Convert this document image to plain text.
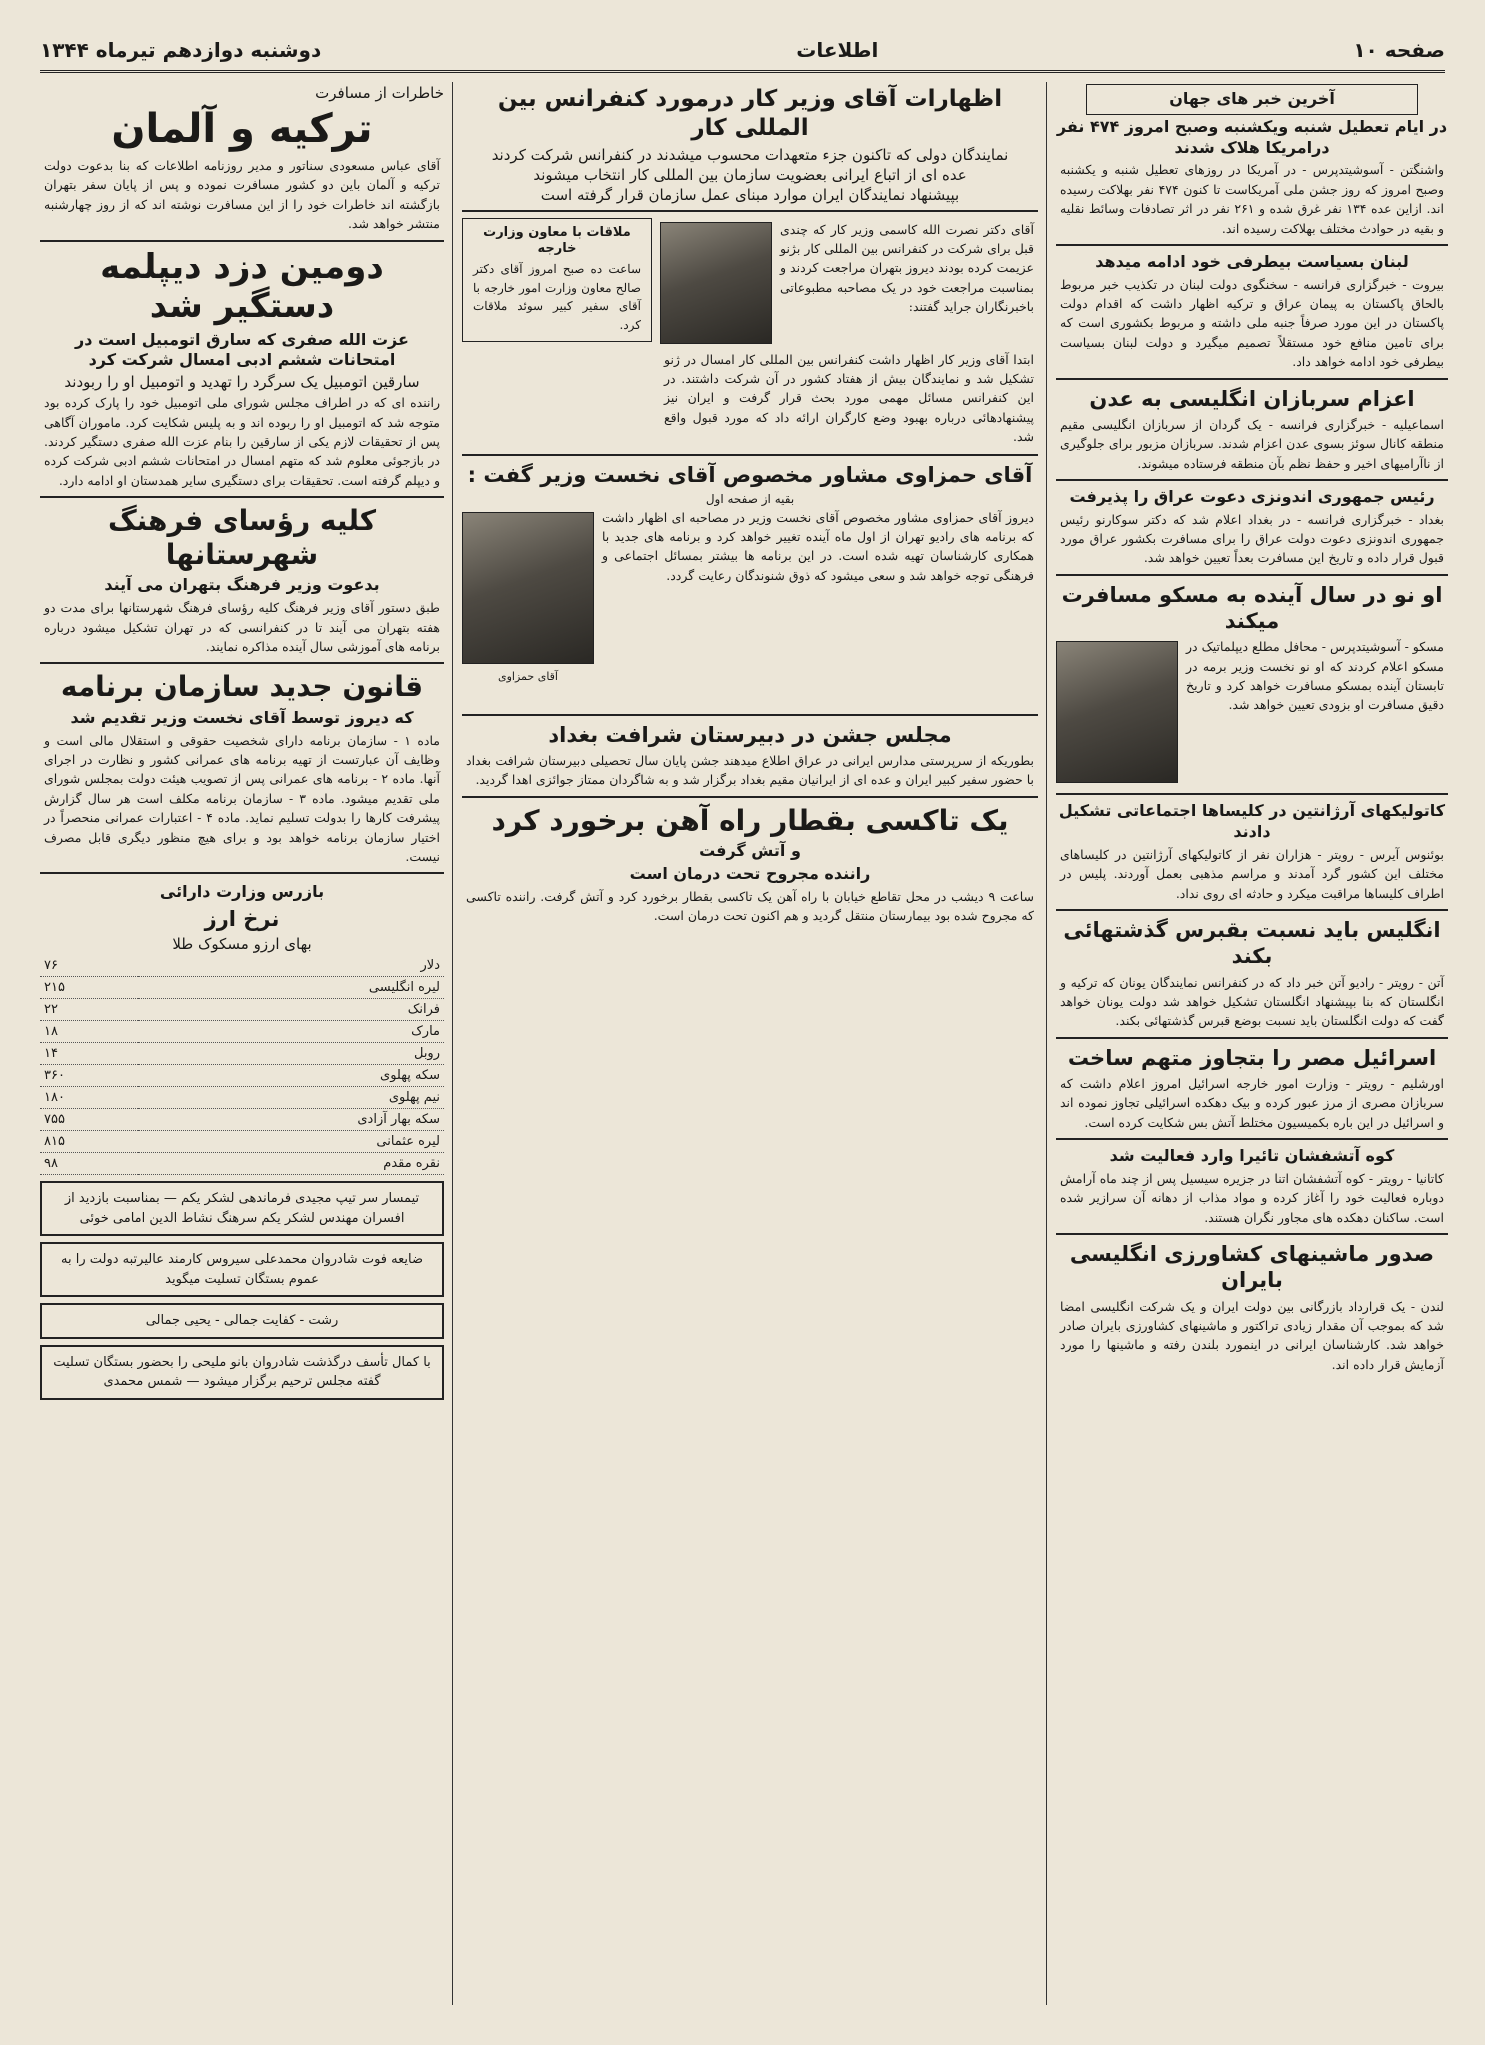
صفحه ۱۰
اطلاعات
دوشنبه دوازدهم تیرماه ۱۳۴۴
آخرین خبر های جهان
در ایام تعطیل شنبه ویکشنبه وصبح امروز ۴۷۴ نفر درامریکا هلاک شدند
واشنگتن - آسوشیتدپرس - در آمریکا در روزهای تعطیل شنبه و یکشنبه وصبح امروز که روز جشن ملی آمریکاست تا کنون ۴۷۴ نفر بهلاکت رسیده اند. ازاین عده ۱۳۴ نفر غرق شده و ۲۶۱ نفر در اثر تصادفات وسائط نقلیه و بقیه در حوادث مختلف بهلاکت رسیده اند.
لبنان بسیاست بیطرفی خود ادامه میدهد
بیروت - خبرگزاری فرانسه - سخنگوی دولت لبنان در تکذیب خبر مربوط بالحاق پاکستان به پیمان عراق و ترکیه اظهار داشت که اقدام دولت پاکستان در این مورد صرفاً جنبه ملی داشته و مربوط بکشوری است که برای تامین منافع خود مستقلاً تصمیم میگیرد و دولت لبنان بسیاست بیطرفی خود ادامه خواهد داد.
اعزام سربازان انگلیسی به عدن
اسماعیلیه - خبرگزاری فرانسه - یک گردان از سربازان انگلیسی مقیم منطقه کانال سوئز بسوی عدن اعزام شدند. سربازان مزبور برای جلوگیری از ناآرامیهای اخیر و حفظ نظم بآن منطقه فرستاده میشوند.
رئیس جمهوری اندونزی دعوت عراق را پذیرفت
بغداد - خبرگزاری فرانسه - در بغداد اعلام شد که دکتر سوکارنو رئیس جمهوری اندونزی دعوت دولت عراق را برای مسافرت بکشور عراق مورد قبول قرار داده و تاریخ این مسافرت بعداً تعیین خواهد شد.
او نو در سال آینده به مسکو مسافرت میکند
مسکو - آسوشیتدپرس - محافل مطلع دیپلماتیک در مسکو اعلام کردند که او نو نخست وزیر برمه در تابستان آینده بمسکو مسافرت خواهد کرد و تاریخ دقیق مسافرت او بزودی تعیین خواهد شد.
کاتولیکهای آرژانتین در کلیساها اجتماعاتی تشکیل دادند
بوئنوس آیرس - رویتر - هزاران نفر از کاتولیکهای آرژانتین در کلیساهای مختلف این کشور گرد آمدند و مراسم مذهبی بعمل آوردند. پلیس در اطراف کلیساها مراقبت میکرد و حادثه ای روی نداد.
انگلیس باید نسبت بقبرس گذشتهائی بکند
آتن - رویتر - رادیو آتن خبر داد که در کنفرانس نمایندگان یونان که ترکیه و انگلستان که بنا بپیشنهاد انگلستان تشکیل خواهد شد دولت یونان خواهد گفت که دولت انگلستان باید نسبت بوضع قبرس گذشتهائی بکند.
اسرائیل مصر را بتجاوز متهم ساخت
اورشلیم - رویتر - وزارت امور خارجه اسرائیل امروز اعلام داشت که سربازان مصری از مرز عبور کرده و بیک دهکده اسرائیلی تجاوز نموده اند و اسرائیل در این باره بکمیسیون مختلط آتش بس شکایت کرده است.
کوه آتشفشان تائیرا وارد فعالیت شد
کاتانیا - رویتر - کوه آتشفشان اتنا در جزیره سیسیل پس از چند ماه آرامش دوباره فعالیت خود را آغاز کرده و مواد مذاب از دهانه آن سرازیر شده است. ساکنان دهکده های مجاور نگران هستند.
صدور ماشینهای کشاورزی انگلیسی بایران
لندن - یک قرارداد بازرگانی بین دولت ایران و یک شرکت انگلیسی امضا شد که بموجب آن مقدار زیادی تراکتور و ماشینهای کشاورزی بایران صادر خواهد شد. کارشناسان ایرانی در اینمورد بلندن رفته و ماشینها را مورد آزمایش قرار داده اند.
اظهارات آقای وزیر کار درمورد کنفرانس بین المللی کار
نمایندگان دولی که تاکنون جزء متعهدات محسوب میشدند در کنفرانس شرکت کردند
عده ای از اتباع ایرانی بعضویت سازمان بین المللی کار انتخاب میشوند
بپیشنهاد نمایندگان ایران موارد مبنای عمل سازمان قرار گرفته است
آقای دکتر نصرت الله کاسمی وزیر کار که چندی قبل برای شرکت در کنفرانس بین المللی کار بژنو عزیمت کرده بودند دیروز بتهران مراجعت کردند و بمناسبت مراجعت خود در یک مصاحبه مطبوعاتی باخبرنگاران جراید گفتند:
ابتدا آقای وزیر کار اظهار داشت کنفرانس بین المللی کار امسال در ژنو تشکیل شد و نمایندگان بیش از هفتاد کشور در آن شرکت داشتند. در این کنفرانس مسائل مهمی مورد بحث قرار گرفت و ایران نیز پیشنهادهائی درباره بهبود وضع کارگران ارائه داد که مورد قبول واقع شد.
ملاقات با معاون وزارت خارجه
ساعت ده صبح امروز آقای دکتر صالح معاون وزارت امور خارجه با آقای سفیر کبیر سوئد ملاقات کرد.
آقای حمزاوی مشاور مخصوص آقای نخست وزیر گفت :
بقیه از صفحه اول
آقای حمزاوی
دیروز آقای حمزاوی مشاور مخصوص آقای نخست وزیر در مصاحبه ای اظهار داشت که برنامه های رادیو تهران از اول ماه آینده تغییر خواهد کرد و برنامه های جدید با همکاری کارشناسان تهیه شده است. در این برنامه ها بیشتر بمسائل اجتماعی و فرهنگی توجه خواهد شد و سعی میشود که ذوق شنوندگان رعایت گردد.
مجلس جشن در دبیرستان شرافت بغداد
بطوریکه از سرپرستی مدارس ایرانی در عراق اطلاع میدهند جشن پایان سال تحصیلی دبیرستان شرافت بغداد با حضور سفیر کبیر ایران و عده ای از ایرانیان مقیم بغداد برگزار شد و به شاگردان ممتاز جوائزی اهدا گردید.
یک تاکسی بقطار راه آهن برخورد کرد
و آتش گرفت
راننده مجروح تحت درمان است
ساعت ۹ دیشب در محل تقاطع خیابان با راه آهن یک تاکسی بقطار برخورد کرد و آتش گرفت. راننده تاکسی که مجروح شده بود بیمارستان منتقل گردید و هم اکنون تحت درمان است.
خاطرات از مسافرت
ترکیه و آلمان
آقای عباس مسعودی سناتور و مدیر روزنامه اطلاعات که بنا بدعوت دولت ترکیه و آلمان باین دو کشور مسافرت نموده و پس از پایان سفر بتهران بازگشته اند خاطرات خود را از این مسافرت نوشته اند که از روز چهارشنبه منتشر خواهد شد.
دومین دزد دیپلمه دستگیر شد
عزت الله صفری که سارق اتومبیل است در امتحانات ششم ادبی امسال شرکت کرد
سارقین اتومبیل یک سرگرد را تهدید و اتومبیل او را ربودند
راننده ای که در اطراف مجلس شورای ملی اتومبیل خود را پارک کرده بود متوجه شد که اتومبیل او را ربوده اند و به پلیس شکایت کرد. ماموران آگاهی پس از تحقیقات لازم یکی از سارقین را بنام عزت الله صفری دستگیر کردند. در بازجوئی معلوم شد که متهم امسال در امتحانات ششم ادبی شرکت کرده و دیپلم گرفته است. تحقیقات برای دستگیری سایر همدستان او ادامه دارد.
کلیه رؤسای فرهنگ شهرستانها
بدعوت وزیر فرهنگ بتهران می آیند
طبق دستور آقای وزیر فرهنگ کلیه رؤسای فرهنگ شهرستانها برای مدت دو هفته بتهران می آیند تا در کنفرانسی که در تهران تشکیل میشود درباره برنامه های آموزشی سال آینده مذاکره نمایند.
قانون جدید سازمان برنامه
که دیروز توسط آقای نخست وزیر تقدیم شد
ماده ۱ - سازمان برنامه دارای شخصیت حقوقی و استقلال مالی است و وظایف آن عبارتست از تهیه برنامه های عمرانی کشور و نظارت در اجرای آنها. ماده ۲ - برنامه های عمرانی پس از تصویب هیئت دولت بمجلس شورای ملی تقدیم میشود. ماده ۳ - سازمان برنامه مکلف است هر سال گزارش پیشرفت کارها را بدولت تسلیم نماید. ماده ۴ - اعتبارات عمرانی منحصراً در اختیار سازمان برنامه خواهد بود و برای هیچ منظور دیگری قابل مصرف نیست.
بازرس وزارت دارائی
نرخ ارز
بهای ارزو مسکوک طلا
دلار	۷۶
لیره انگلیسی	۲۱۵
فرانک	۲۲
مارک	۱۸
روبل	۱۴
سکه پهلوی	۳۶۰
نیم پهلوی	۱۸۰
سکه بهار آزادی	۷۵۵
لیره عثمانی	۸۱۵
نقره مقدم	۹۸
تیمسار سر تیپ مجیدی فرماندهی لشکر یکم — بمناسبت بازدید از افسران مهندس لشکر یکم سرهنگ نشاط الدین امامی خوئی
ضایعه فوت شادروان محمدعلی سیروس کارمند عالیرتبه دولت را به عموم بستگان تسلیت میگوید
رشت - کفایت جمالی - یحیی جمالی
با کمال تأسف درگذشت شادروان بانو ملیحی را بحضور بستگان تسلیت گفته مجلس ترحیم برگزار میشود — شمس محمدی
